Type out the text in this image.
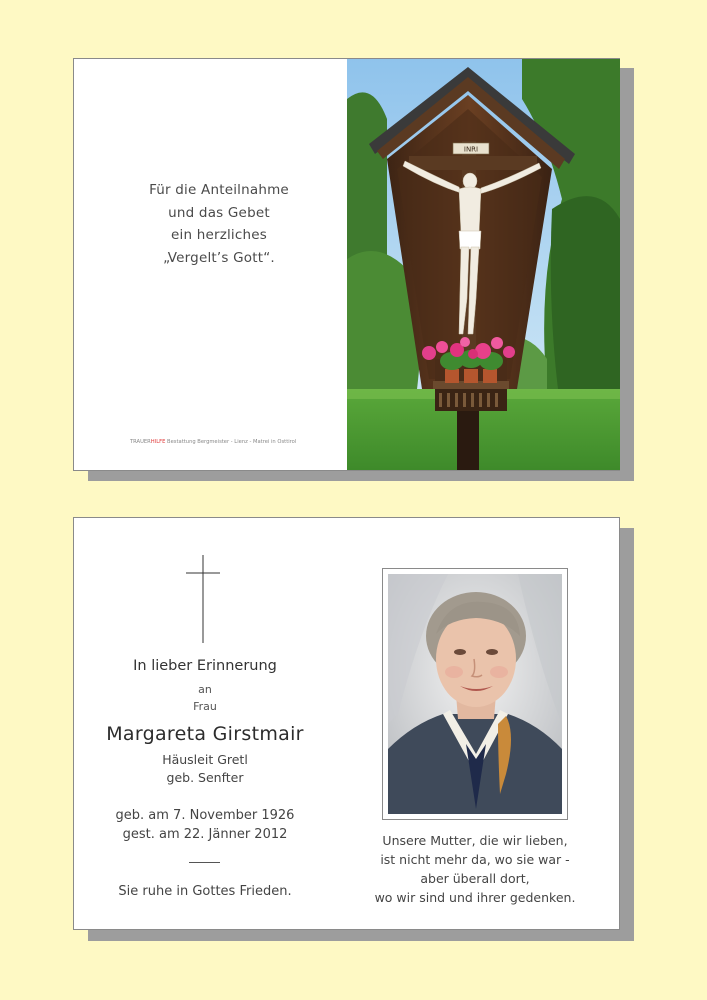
Für die Anteilnahme
und das Gebet
ein herzliches
„Vergelt’s Gott“.
TRAUERHILFE Bestattung Bergmeister - Lienz - Matrei in Osttirol
INRI
In lieber Erinnerung
an
Frau
Margareta Girstmair
Häusleit Gretl
geb. Senfter
geb. am 7. November 1926
gest. am 22. Jänner 2012
Sie ruhe in Gottes Frieden.
Unsere Mutter, die wir lieben,
ist nicht mehr da, wo sie war -
aber überall dort,
wo wir sind und ihrer gedenken.
